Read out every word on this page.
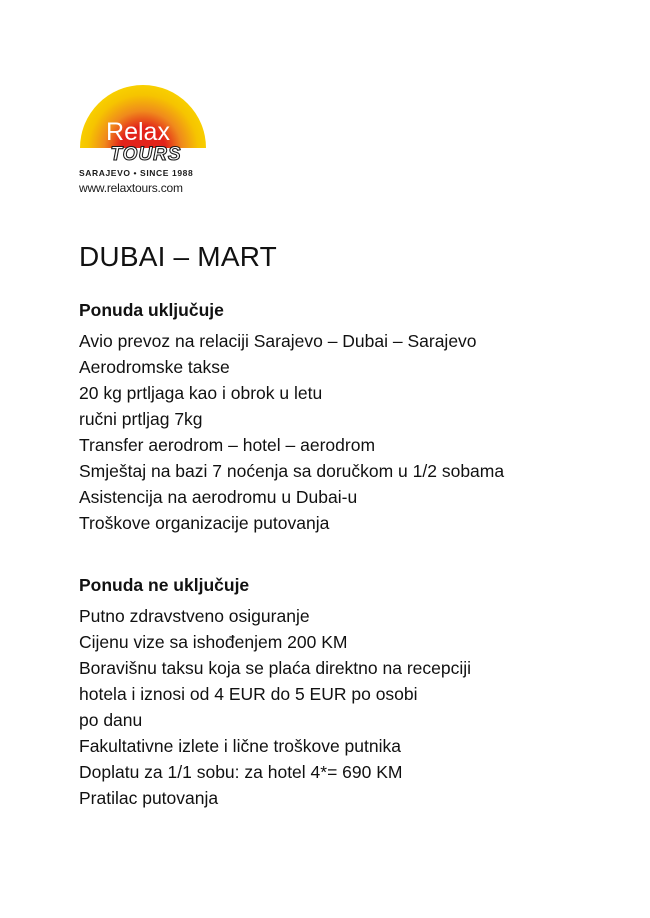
Relax
TOURS
SARAJEVO • SINCE 1988
www.relaxtours.com
DUBAI – MART
Ponuda uključuje
Avio prevoz na relaciji Sarajevo – Dubai – Sarajevo
Aerodromske takse
20 kg prtljaga kao i obrok u letu
ručni prtljag 7kg
Transfer aerodrom – hotel – aerodrom
Smještaj na bazi 7 noćenja sa doručkom u 1/2 sobama
Asistencija na aerodromu u Dubai-u
Troškove organizacije putovanja
Ponuda ne uključuje
Putno zdravstveno osiguranje
Cijenu vize sa ishođenjem 200 KM
Boravišnu taksu koja se plaća direktno na recepciji
hotela i iznosi od 4 EUR do 5 EUR po osobi
po danu
Fakultativne izlete i lične troškove putnika
Doplatu za 1/1 sobu: za hotel 4*= 690 KM
Pratilac putovanja
